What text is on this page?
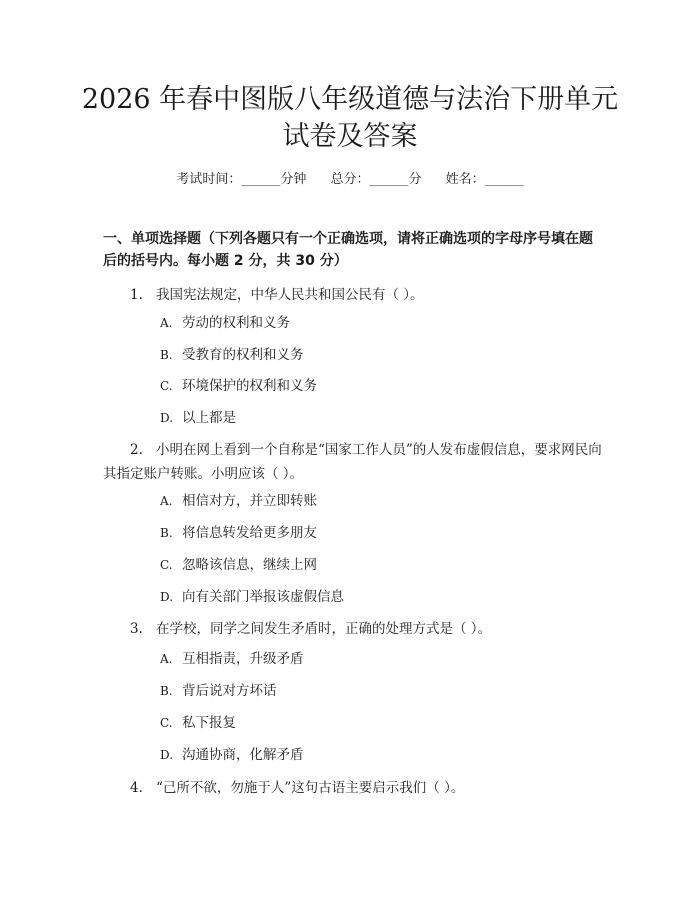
2026 年春中图版八年级道德与法治下册单元
试卷及答案
考试时间：______分钟 总分：______分 姓名：______
一、单项选择题（下列各题只有一个正确选项，请将正确选项的字母序号填在题后的括号内。每小题 2 分，共 30 分）
1. 我国宪法规定，中华人民共和国公民有（ ）。
A. 劳动的权利和义务
B. 受教育的权利和义务
C. 环境保护的权利和义务
D. 以上都是
2. 小明在网上看到一个自称是“国家工作人员”的人发布虚假信息，要求网民向其指定账户转账。小明应该（ ）。
A. 相信对方，并立即转账
B. 将信息转发给更多朋友
C. 忽略该信息，继续上网
D. 向有关部门举报该虚假信息
3. 在学校，同学之间发生矛盾时，正确的处理方式是（ ）。
A. 互相指责，升级矛盾
B. 背后说对方坏话
C. 私下报复
D. 沟通协商，化解矛盾
4. “己所不欲，勿施于人”这句古语主要启示我们（ ）。
